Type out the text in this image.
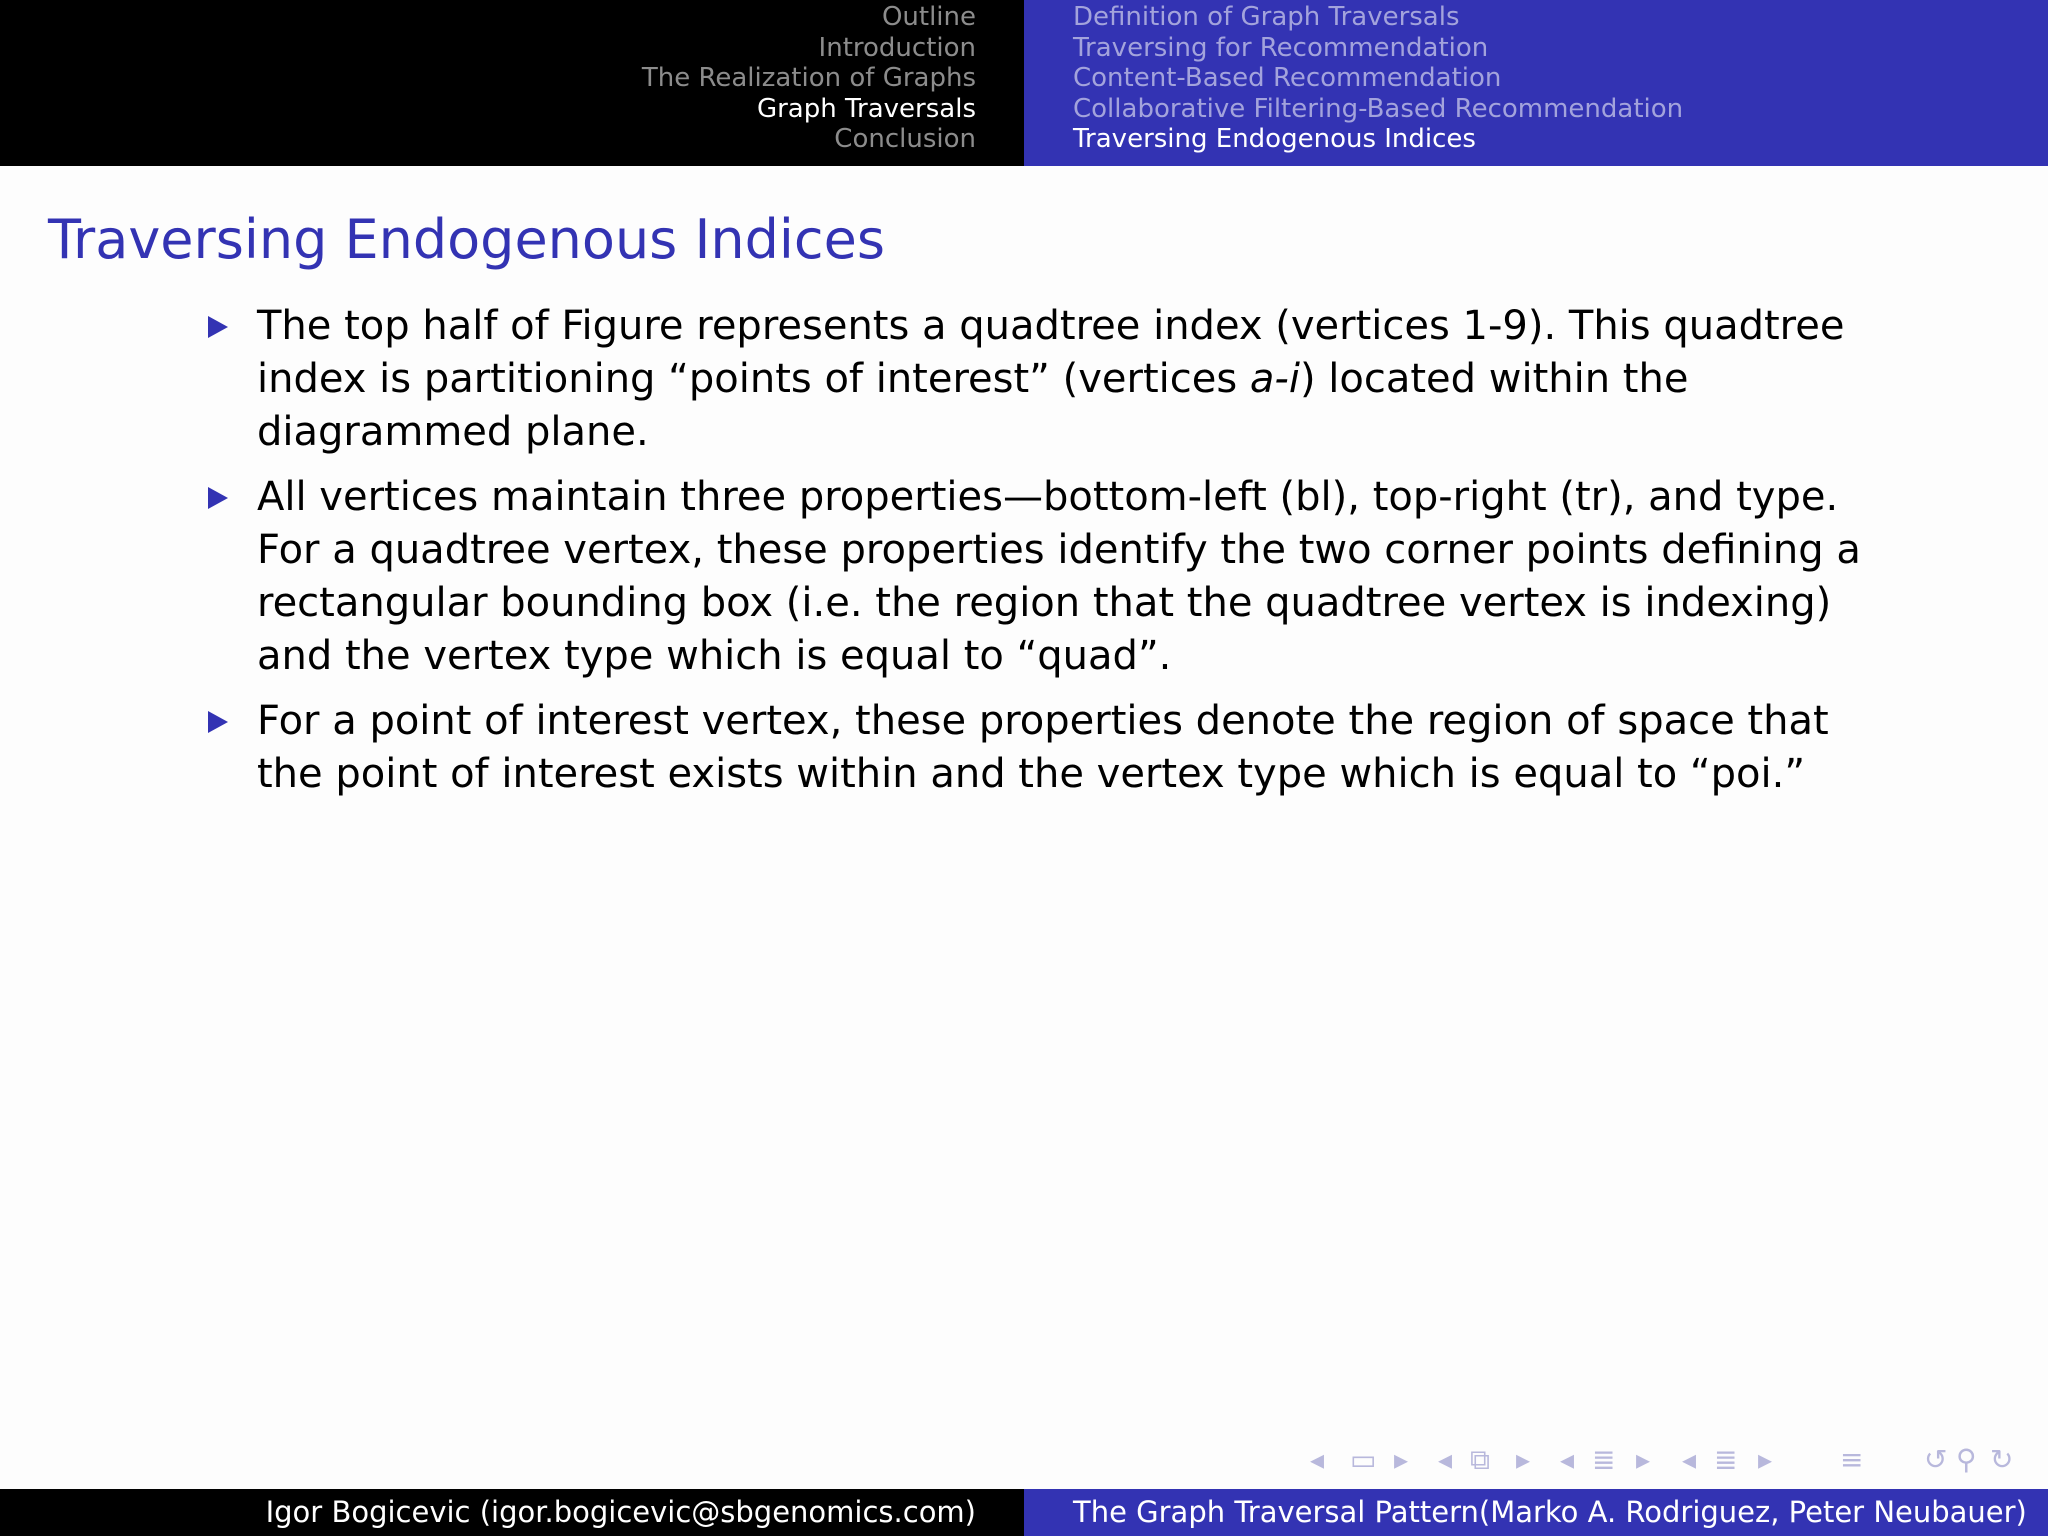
Outline
Introduction
The Realization of Graphs
Graph Traversals
Conclusion
Definition of Graph Traversals
Traversing for Recommendation
Content-Based Recommendation
Collaborative Filtering-Based Recommendation
Traversing Endogenous Indices
Traversing Endogenous Indices
The top half of Figure represents a quadtree index (vertices 1-9). This quadtree index is partitioning “points of interest” (vertices a-i) located within the diagrammed plane.
All vertices maintain three properties—bottom-left (bl), top-right (tr), and type. For a quadtree vertex, these properties identify the two corner points defining a rectangular bounding box (i.e. the region that the quadtree vertex is indexing) and the vertex type which is equal to “quad”.
For a point of interest vertex, these properties denote the region of space that the point of interest exists within and the vertex type which is equal to “poi.”
◂ ▭ ▸ ◂ ⧉ ▸ ◂ ≣ ▸ ◂ ≣ ▸ ≡ ↺ ⚲ ↻
Igor Bogicevic (igor.bogicevic@sbgenomics.com)	The Graph Traversal Pattern(Marko A. Rodriguez, Peter Neubauer)
